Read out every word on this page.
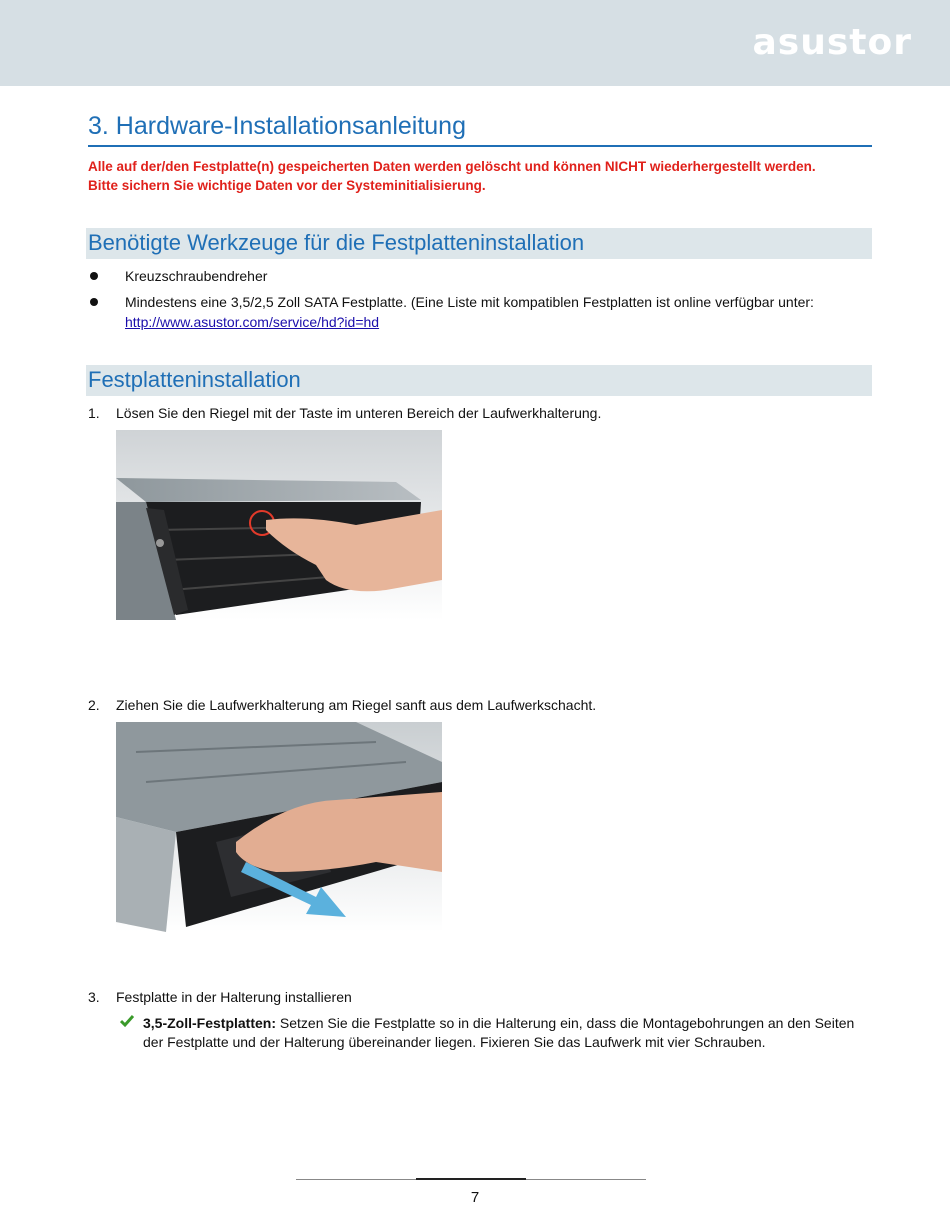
asustor
3. Hardware-Installationsanleitung
Alle auf der/den Festplatte(n) gespeicherten Daten werden gelöscht und können NICHT wiederhergestellt werden.
Bitte sichern Sie wichtige Daten vor der Systeminitialisierung.
Benötigte Werkzeuge für die Festplatteninstallation
Kreuzschraubendreher
Mindestens eine 3,5/2,5 Zoll SATA Festplatte. (Eine Liste mit kompatiblen Festplatten ist online verfügbar unter:
http://www.asustor.com/service/hd?id=hd
Festplatteninstallation
1. Lösen Sie den Riegel mit der Taste im unteren Bereich der Laufwerkhalterung.
2. Ziehen Sie die Laufwerkhalterung am Riegel sanft aus dem Laufwerkschacht.
3. Festplatte in der Halterung installieren
3,5-Zoll-Festplatten: Setzen Sie die Festplatte so in die Halterung ein, dass die Montagebohrungen an den Seiten der Festplatte und der Halterung übereinander liegen. Fixieren Sie das Laufwerk mit vier Schrauben.
7
